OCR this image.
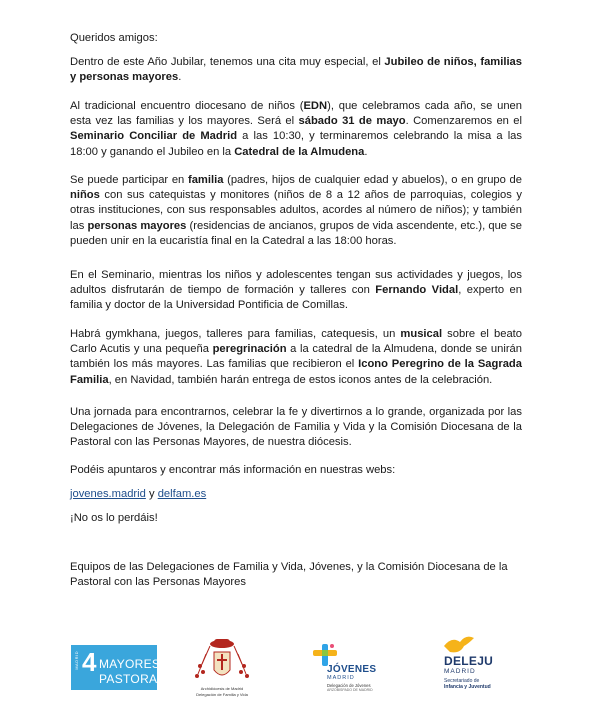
Queridos amigos:

Dentro de este Año Jubilar, tenemos una cita muy especial, el Jubileo de niños, familias y personas mayores.

Al tradicional encuentro diocesano de niños (EDN), que celebramos cada año, se unen esta vez las familias y los mayores. Será el sábado 31 de mayo. Comenzaremos en el Seminario Conciliar de Madrid a las 10:30, y terminaremos celebrando la misa a las 18:00 y ganando el Jubileo en la Catedral de la Almudena.

Se puede participar en familia (padres, hijos de cualquier edad y abuelos), o en grupo de niños con sus catequistas y monitores (niños de 8 a 12 años de parroquias, colegios y otras instituciones, con sus responsables adultos, acordes al número de niños); y también las personas mayores (residencias de ancianos, grupos de vida ascendente, etc.), que se pueden unir en la eucaristía final en la Catedral a las 18:00 horas.

En el Seminario, mientras los niños y adolescentes tengan sus actividades y juegos, los adultos disfrutarán de tiempo de formación y talleres con Fernando Vidal, experto en familia y doctor de la Universidad Pontificia de Comillas.

Habrá gymkhana, juegos, talleres para familias, catequesis, un musical sobre el beato Carlo Acutis y una pequeña peregrinación a la catedral de la Almudena, donde se unirán también los más mayores. Las familias que recibieron el Icono Peregrino de la Sagrada Familia, en Navidad, también harán entrega de estos iconos antes de la celebración.

Una jornada para encontrarnos, celebrar la fe y divertirnos a lo grande, organizada por las Delegaciones de Jóvenes, la Delegación de Familia y Vida y la Comisión Diocesana de la Pastoral con las Personas Mayores, de nuestra diócesis.

Podéis apuntaros y encontrar más información en nuestras webs:

jovenes.madrid y delfam.es

¡No os lo perdáis!

Equipos de las Delegaciones de Familia y Vida, Jóvenes, y la Comisión Diocesana de la Pastoral con las Personas Mayores

MADRID 4 MAYORES
PASTORAL
Archidiócesis de Madrid
Delegación de Familia y Vida
JÓVENES
MADRID
Delegación de Jóvenes
ARZOBISPADO DE MADRID
DELEJU
MADRID
Secretariado de
Infancia y Juventud
